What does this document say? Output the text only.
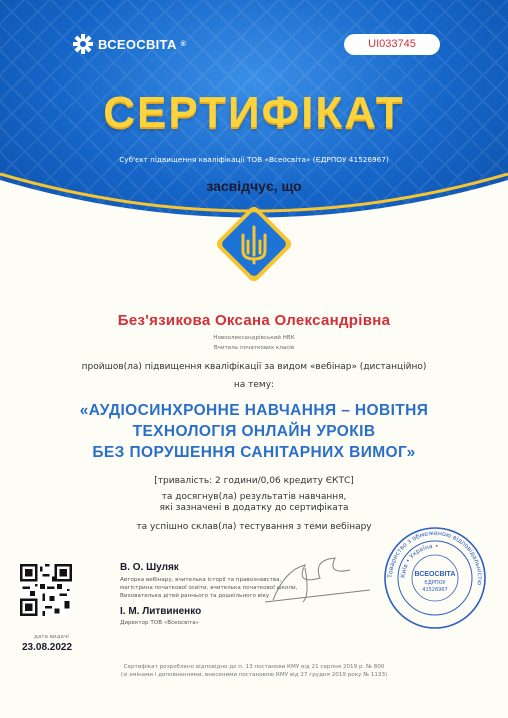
ВСЕОСВІТА ®	UI033745
СЕРТИФІКАТ
Суб'єкт підвищення кваліфікації ТОВ «Всеосвіта» (ЄДРПОУ 41526967)
засвідчує, що
Без'язикова Оксана Олександрівна
Новоолександрівський НВК
Вчитель початкових класів
пройшов(ла) підвищення кваліфікації за видом «вебінар» (дистанційно)
на тему:
«АУДІОСИНХРОННЕ НАВЧАННЯ – НОВІТНЯ
ТЕХНОЛОГІЯ ОНЛАЙН УРОКІВ
БЕЗ ПОРУШЕННЯ САНІТАРНИХ ВИМОГ»
[тривалість: 2 години/0,06 кредиту ЄКТС]
та досягнув(ла) результатів навчання,
які зазначені в додатку до сертифіката
та успішно склав(ла) тестування з теми вебінару
дата видачі
23.08.2022
В. О. Шуляк
Авторка вебінару, вчителька історії та правознавства,
магістрина початкової освіти, вчителька початкової школи,
Вихователька дітей раннього та дошкільного віку
І. М. Литвиненко
Директор ТОВ «Всеосвіта»
Товариство з обмеженою відповідальністю
Київ • Україна •
ВСЕОСВІТА
ЄДРПОУ
41526967
Сертифікат розроблено відповідно до п. 13 постанови КМУ від 21 серпня 2019 р. № 800
(зі змінами і доповненнями, внесеними постановою КМУ від 27 грудня 2019 року № 1133)
